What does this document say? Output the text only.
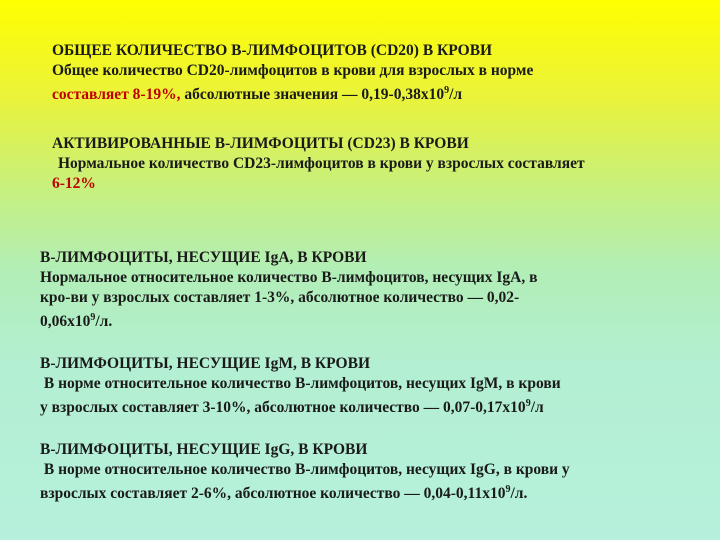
ОБЩЕЕ КОЛИЧЕСТВО В-ЛИМФОЦИТОВ (CD20) В КРОВИ
Общее количество CD20-лимфоцитов в крови для взрослых в норме
составляет 8-19%, абсолютные значения — $0,19-0,38х10^9/л$
АКТИВИРОВАННЫЕ В-ЛИМФОЦИТЫ (CD23) В КРОВИ
Нормальное количество CD23-лимфоцитов в крови у взрослых составляет
6-12%
В-ЛИМФОЦИТЫ, НЕСУЩИЕ IgA, В КРОВИ
Нормальное относительное количество В-лимфоцитов, несущих IgA, в
кро-ви у взрослых составляет 1-3%, абсолютное количество — 0,02-
$0,06х10^9/л$.
В-ЛИМФОЦИТЫ, НЕСУЩИЕ IgM, В КРОВИ
В норме относительное количество В-лимфоцитов, несущих IgM, в крови
у взрослых составляет 3-10%, абсолютное количество — $0,07-0,17х10^9/л$
В-ЛИМФОЦИТЫ, НЕСУЩИЕ IgG, В КРОВИ
В норме относительное количество В-лимфоцитов, несущих IgG, в крови у
взрослых составляет 2-6%, абсолютное количество — $0,04-0,11х10^9/л$.
